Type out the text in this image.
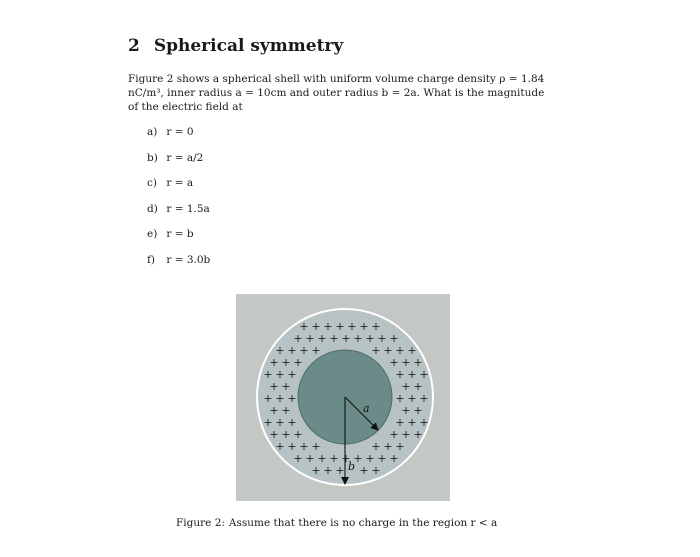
2 Spherical symmetry

Figure 2 shows a spherical shell with uniform volume charge density ρ = 1.84
nC/m³, inner radius a = 10cm and outer radius b = 2a. What is the magnitude
of the electric field at

a) r = 0
b) r = a/2
c) r = a
d) r = 1.5a
e) r = b
f) r = 3.0b
+ + + + + + +
+ + + + + + + + +
+ + + +	+ + + +
+ + +	+ + +
+ + +	+ + +
+ +	+ +
+ + +	+ + +
+ +	+ +
+ + +	+ + +
+ + +	+ + +
+ + + +	+ + +
+ + + + + + + + +
+ + + + +
a
b

Figure 2: Assume that there is no charge in the region r < a
